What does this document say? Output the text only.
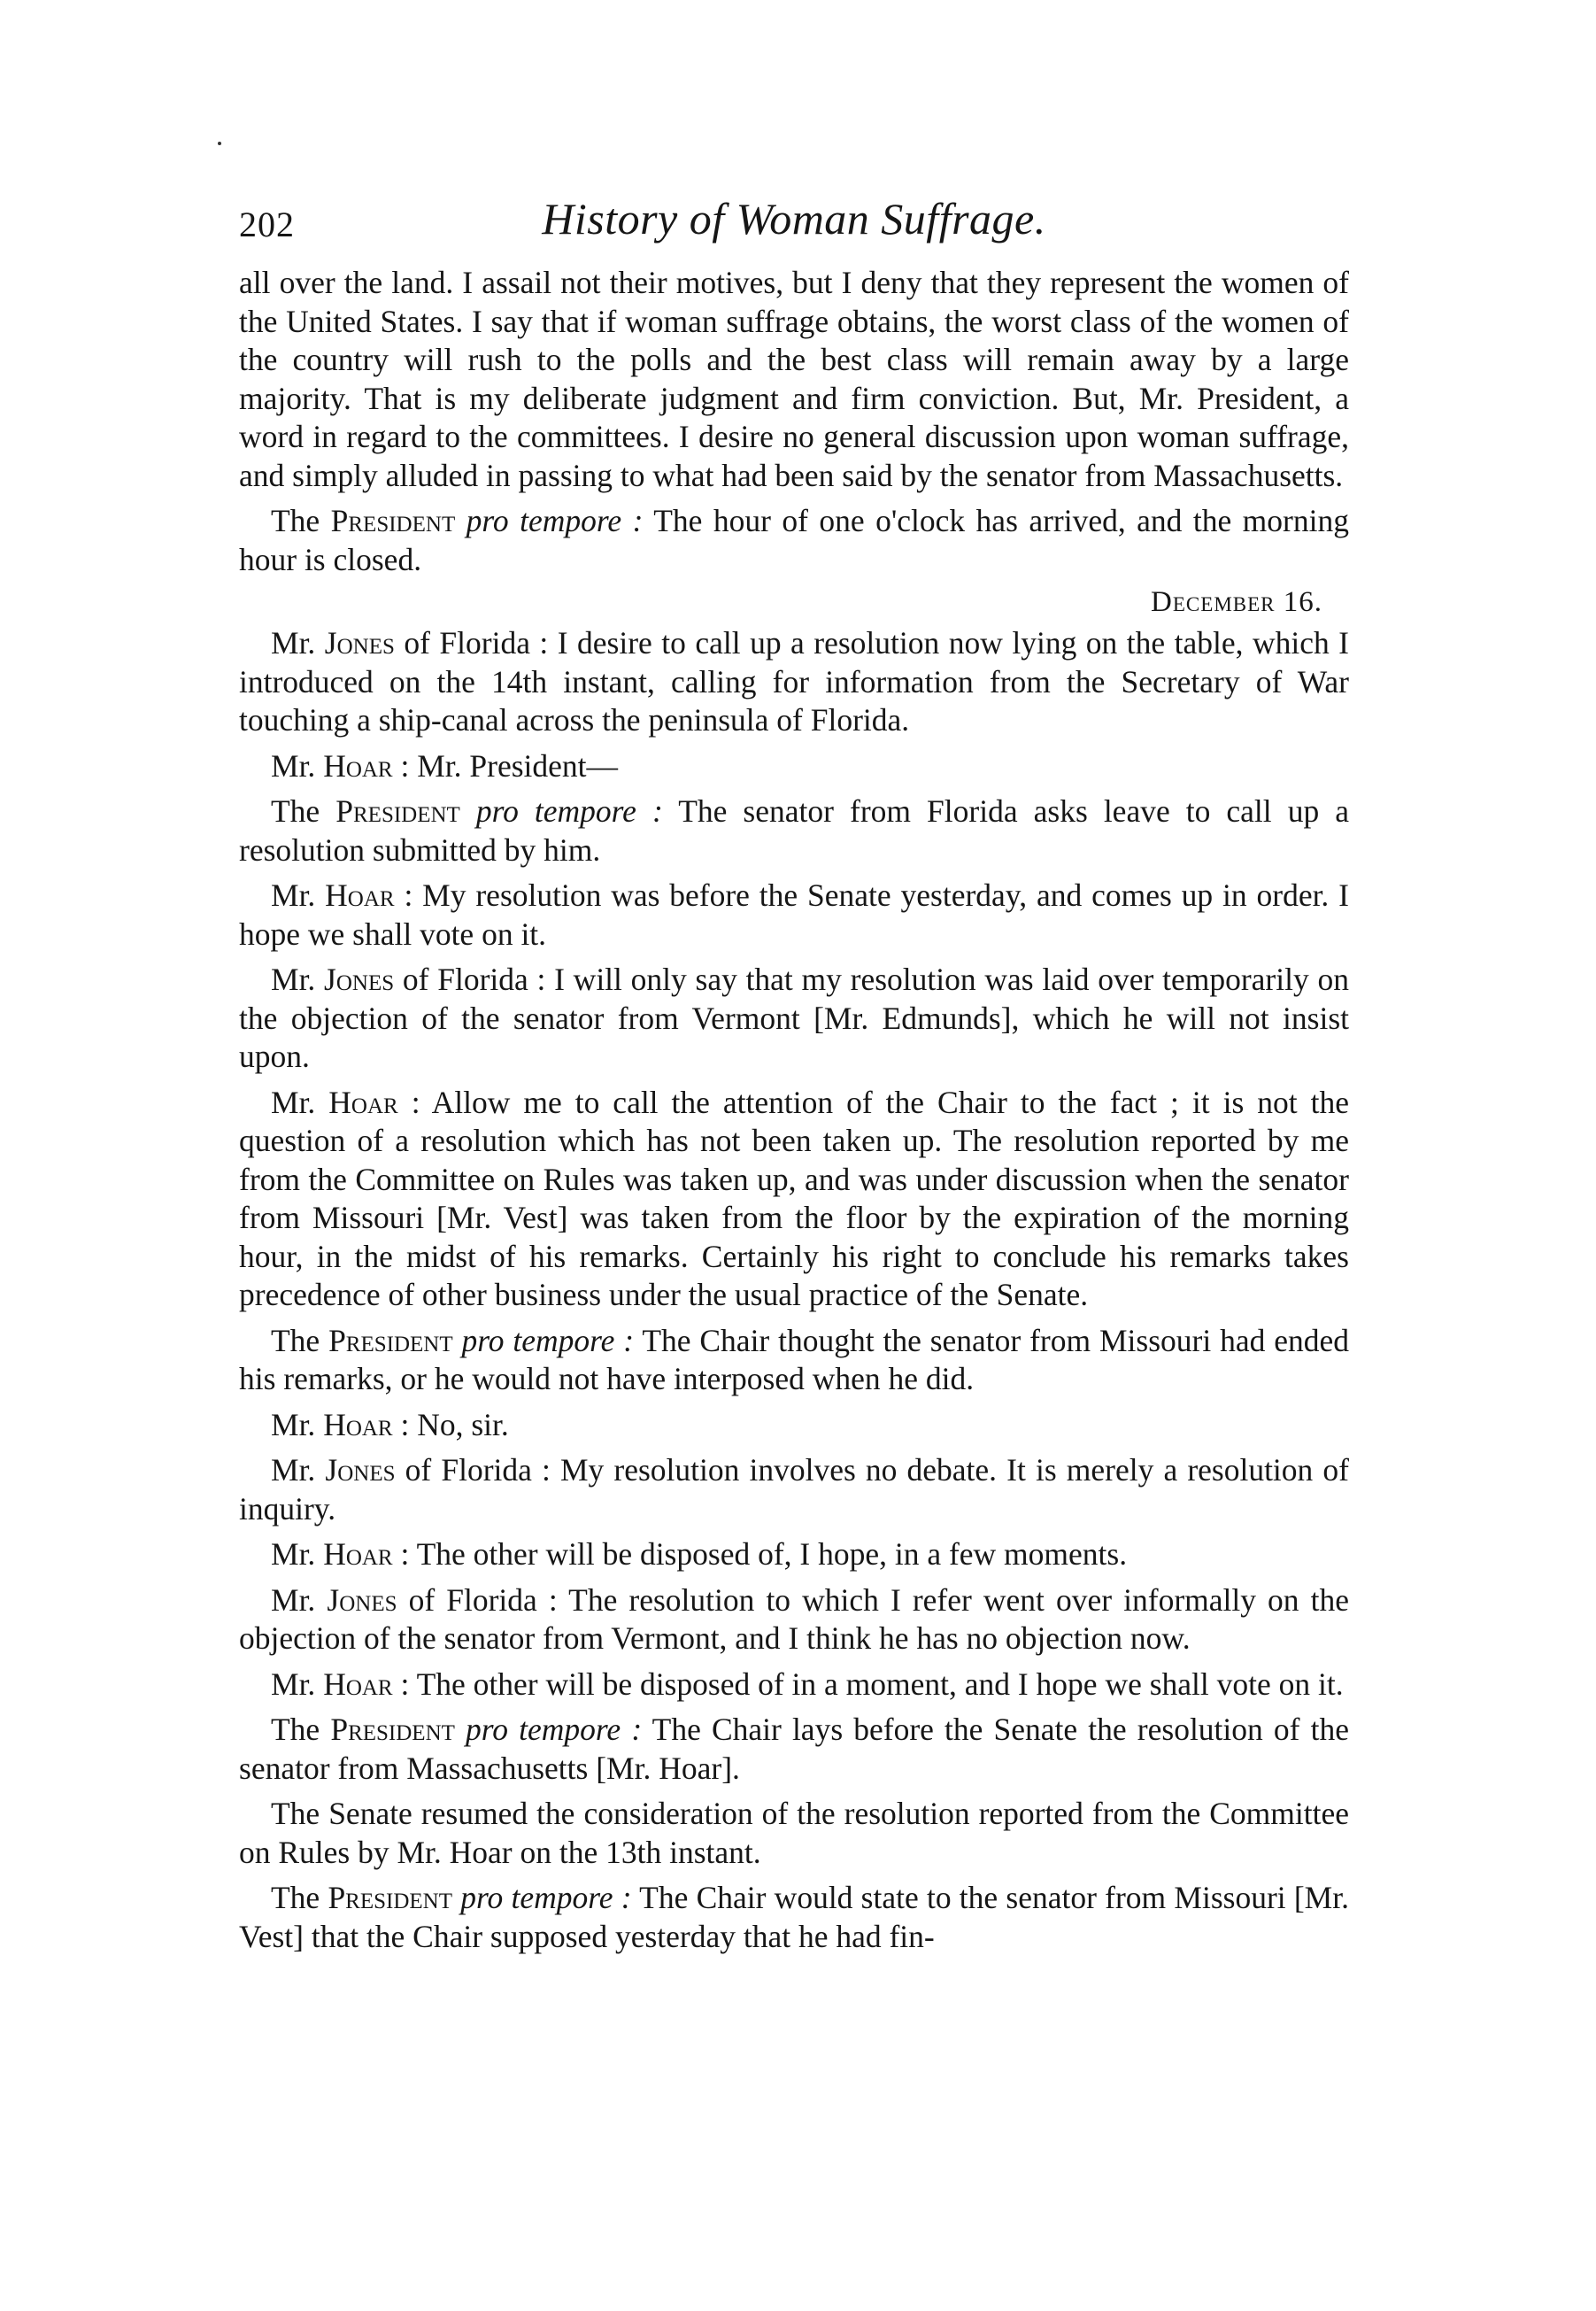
202	History of Woman Suffrage.
all over the land. I assail not their motives, but I deny that they represent the women of the United States. I say that if woman suffrage obtains, the worst class of the women of the country will rush to the polls and the best class will remain away by a large majority. That is my deliberate judgment and firm conviction. But, Mr. President, a word in regard to the committees. I desire no general discussion upon woman suffrage, and simply alluded in passing to what had been said by the senator from Massachusetts.
The President pro tempore : The hour of one o'clock has arrived, and the morning hour is closed.
December 16.
Mr. Jones of Florida : I desire to call up a resolution now lying on the table, which I introduced on the 14th instant, calling for information from the Secretary of War touching a ship-canal across the peninsula of Florida.
Mr. Hoar : Mr. President—
The President pro tempore : The senator from Florida asks leave to call up a resolution submitted by him.
Mr. Hoar : My resolution was before the Senate yesterday, and comes up in order. I hope we shall vote on it.
Mr. Jones of Florida : I will only say that my resolution was laid over temporarily on the objection of the senator from Vermont [Mr. Edmunds], which he will not insist upon.
Mr. Hoar : Allow me to call the attention of the Chair to the fact ; it is not the question of a resolution which has not been taken up. The resolution reported by me from the Committee on Rules was taken up, and was under discussion when the senator from Missouri [Mr. Vest] was taken from the floor by the expiration of the morning hour, in the midst of his remarks. Certainly his right to conclude his remarks takes precedence of other business under the usual practice of the Senate.
The President pro tempore : The Chair thought the senator from Missouri had ended his remarks, or he would not have interposed when he did.
Mr. Hoar : No, sir.
Mr. Jones of Florida : My resolution involves no debate. It is merely a resolution of inquiry.
Mr. Hoar : The other will be disposed of, I hope, in a few moments.
Mr. Jones of Florida : The resolution to which I refer went over informally on the objection of the senator from Vermont, and I think he has no objection now.
Mr. Hoar : The other will be disposed of in a moment, and I hope we shall vote on it.
The President pro tempore : The Chair lays before the Senate the resolution of the senator from Massachusetts [Mr. Hoar].
The Senate resumed the consideration of the resolution reported from the Committee on Rules by Mr. Hoar on the 13th instant.
The President pro tempore : The Chair would state to the senator from Missouri [Mr. Vest] that the Chair supposed yesterday that he had fin-
